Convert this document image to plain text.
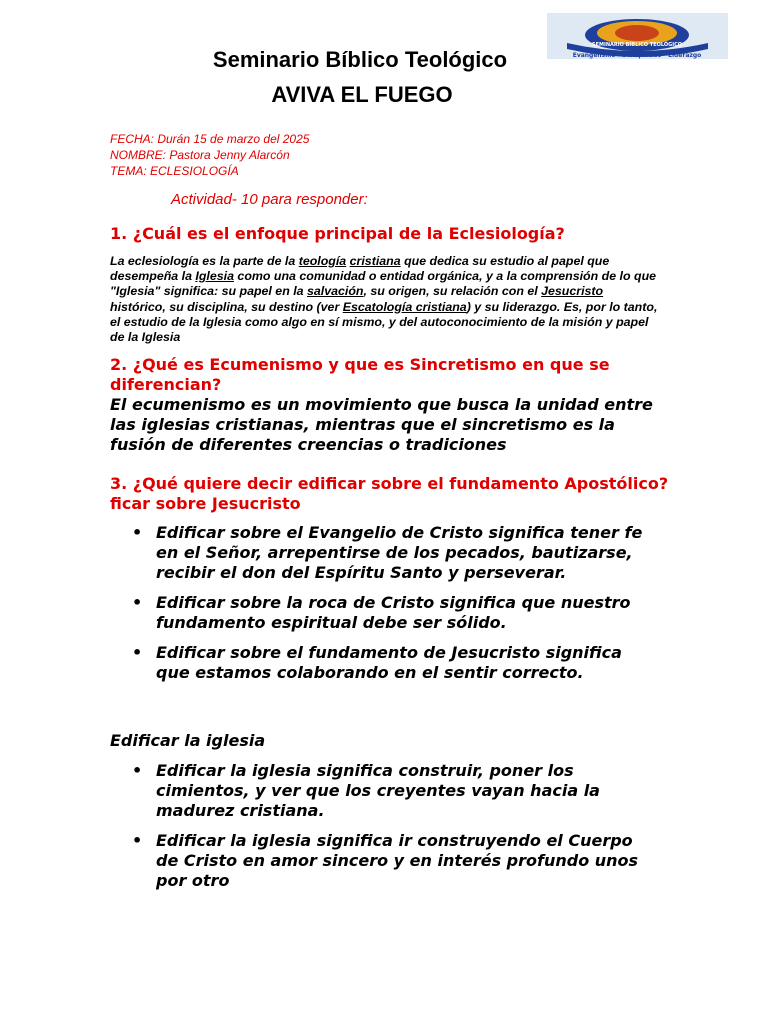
SEMINARIO BÍBLICO TEOLÓGICO
Evangelismo - Discipulado - Liderazgo
Seminario Bíblico Teológico
AVIVA EL FUEGO
FECHA: Durán 15 de marzo del 2025
NOMBRE: Pastora Jenny Alarcón
TEMA: ECLESIOLOGÍA
Actividad- 10 para responder:

1. ¿Cuál es el enfoque principal de la Eclesiología?

La eclesiología es la parte de la teología cristiana que dedica su estudio al papel que desempeña la Iglesia como una comunidad o entidad orgánica, y a la comprensión de lo que "Iglesia" significa: su papel en la salvación, su origen, su relación con el Jesucristo histórico, su disciplina, su destino (ver Escatología cristiana) y su liderazgo. Es, por lo tanto, el estudio de la Iglesia como algo en sí mismo, y del autoconocimiento de la misión y papel de la Iglesia

2. ¿Qué es Ecumenismo y que es Sincretismo en que se diferencian?

El ecumenismo es un movimiento que busca la unidad entre las iglesias cristianas, mientras que el sincretismo es la fusión de diferentes creencias o tradiciones

3. ¿Qué quiere decir edificar sobre el fundamento Apostólico? ficar sobre Jesucristo

• Edificar sobre el Evangelio de Cristo significa tener fe en el Señor, arrepentirse de los pecados, bautizarse, recibir el don del Espíritu Santo y perseverar.
• Edificar sobre la roca de Cristo significa que nuestro fundamento espiritual debe ser sólido.
• Edificar sobre el fundamento de Jesucristo significa que estamos colaborando en el sentir correcto.
Edificar la iglesia
• Edificar la iglesia significa construir, poner los cimientos, y ver que los creyentes vayan hacia la madurez cristiana.
• Edificar la iglesia significa ir construyendo el Cuerpo de Cristo en amor sincero y en interés profundo unos por otro
